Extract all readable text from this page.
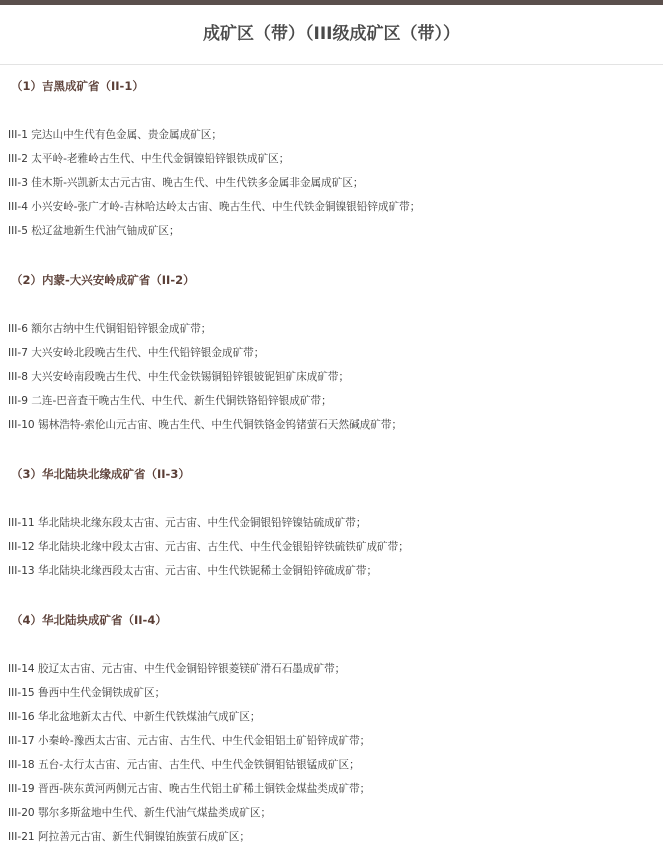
成矿区（带）（III级成矿区（带））
（1）吉黑成矿省（II-1）
III-1 完达山中生代有色金属、贵金属成矿区；
III-2 太平岭-老雅岭古生代、中生代金铜镍铅锌银铁成矿区；
III-3 佳木斯-兴凯新太古元古宙、晚古生代、中生代铁多金属非金属成矿区；
III-4 小兴安岭-张广才岭-吉林哈达岭太古宙、晚古生代、中生代铁金铜镍银铅锌成矿带；
III-5 松辽盆地新生代油气铀成矿区；
（2）内蒙-大兴安岭成矿省（II-2）
III-6 额尔古纳中生代铜钼铅锌银金成矿带；
III-7 大兴安岭北段晚古生代、中生代铅锌银金成矿带；
III-8 大兴安岭南段晚古生代、中生代金铁锡铜铅锌银铍铌钽矿床成矿带；
III-9 二连-巴音査干晚古生代、中生代、新生代铜铁铬铅锌银成矿带；
III-10 锡林浩特-索伦山元古宙、晚古生代、中生代铜铁铬金钨锗萤石天然碱成矿带；
（3）华北陆块北缘成矿省（II-3）
III-11 华北陆块北缘东段太古宙、元古宙、中生代金铜银铅锌镍钴硫成矿带；
III-12 华北陆块北缘中段太古宙、元古宙、古生代、中生代金银铅锌铁硫铁矿成矿带；
III-13 华北陆块北缘西段太古宙、元古宙、中生代铁铌稀土金铜铅锌硫成矿带；
（4）华北陆块成矿省（II-4）
III-14 胶辽太古宙、元古宙、中生代金铜铅锌银菱镁矿滑石石墨成矿带；
III-15 鲁西中生代金铜铁成矿区；
III-16 华北盆地新太古代、中新生代铁煤油气成矿区；
III-17 小秦岭-豫西太古宙、元古宙、古生代、中生代金钼铝土矿铅锌成矿带；
III-18 五台-太行太古宙、元古宙、古生代、中生代金铁铜钼钴银锰成矿区；
III-19 晋西-陕东黄河两侧元古宙、晚古生代铝土矿稀土铜铁金煤盐类成矿带；
III-20 鄂尔多斯盆地中生代、新生代油气煤盐类成矿区；
III-21 阿拉善元古宙、新生代铜镍铂族萤石成矿区；
